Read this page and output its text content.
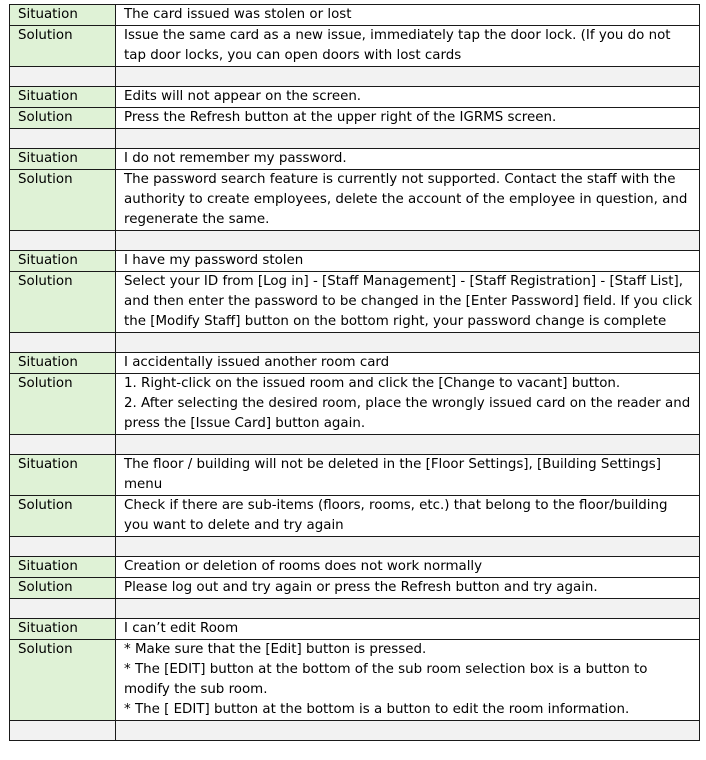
Situation	The card issued was stolen or lost
Solution	Issue the same card as a new issue, immediately tap the door lock. (If you do not tap door locks, you can open doors with lost cards

Situation	Edits will not appear on the screen.
Solution	Press the Refresh button at the upper right of the IGRMS screen.

Situation	I do not remember my password.
Solution	The password search feature is currently not supported. Contact the staff with the authority to create employees, delete the account of the employee in question, and regenerate the same.

Situation	I have my password stolen
Solution	Select your ID from [Log in] - [Staff Management] - [Staff Registration] - [Staff List], and then enter the password to be changed in the [Enter Password] field. If you click the [Modify Staff] button on the bottom right, your password change is complete

Situation	I accidentally issued another room card
Solution	1. Right-click on the issued room and click the [Change to vacant] button.
2. After selecting the desired room, place the wrongly issued card on the reader and press the [Issue Card] button again.

Situation	The floor / building will not be deleted in the [Floor Settings], [Building Settings] menu
Solution	Check if there are sub-items (floors, rooms, etc.) that belong to the floor/building you want to delete and try again

Situation	Creation or deletion of rooms does not work normally
Solution	Please log out and try again or press the Refresh button and try again.

Situation	I can’t edit Room
Solution	* Make sure that the [Edit] button is pressed.
* The [EDIT] button at the bottom of the sub room selection box is a button to modify the sub room.
* The [ EDIT] button at the bottom is a button to edit the room information.
